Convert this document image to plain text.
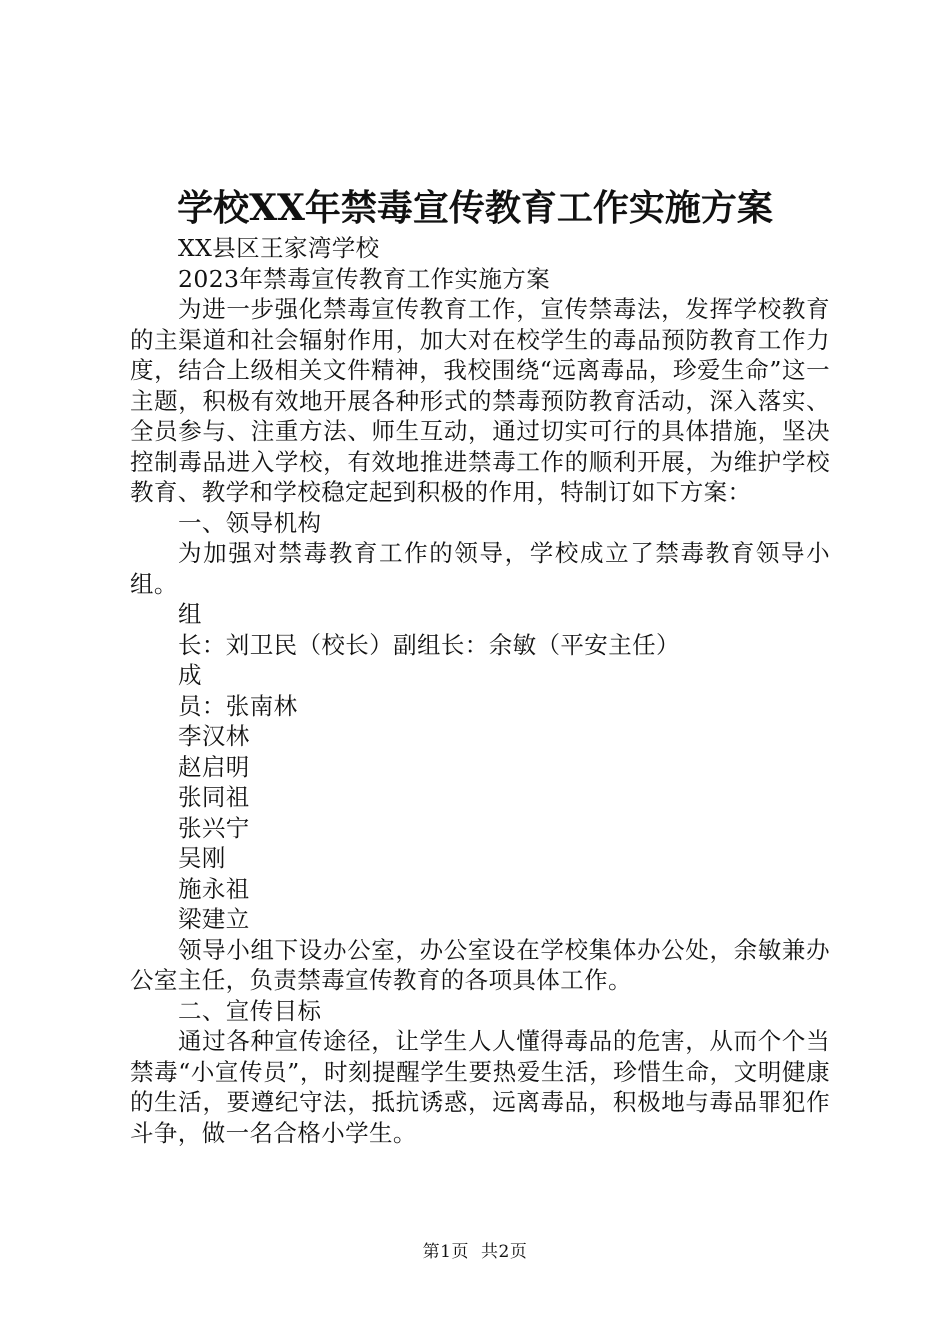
学校XX年禁毒宣传教育工作实施方案

XX县区王家湾学校

2023年禁毒宣传教育工作实施方案

为进一步强化禁毒宣传教育工作，宣传禁毒法，发挥学校教育的主渠道和社会辐射作用，加大对在校学生的毒品预防教育工作力度，结合上级相关文件精神，我校围绕“远离毒品，珍爱生命”这一主题，积极有效地开展各种形式的禁毒预防教育活动，深入落实、全员参与、注重方法、师生互动，通过切实可行的具体措施，坚决控制毒品进入学校，有效地推进禁毒工作的顺利开展，为维护学校教育、教学和学校稳定起到积极的作用，特制订如下方案：

一、领导机构

为加强对禁毒教育工作的领导，学校成立了禁毒教育领导小组。

组

长：刘卫民（校长）副组长：余敏（平安主任）

成

员：张南林

李汉林

赵启明

张同祖

张兴宁

吴刚

施永祖

梁建立

领导小组下设办公室，办公室设在学校集体办公处，余敏兼办公室主任，负责禁毒宣传教育的各项具体工作。

二、宣传目标

通过各种宣传途径，让学生人人懂得毒品的危害，从而个个当禁毒“小宣传员”，时刻提醒学生要热爱生活，珍惜生命，文明健康的生活，要遵纪守法，抵抗诱惑，远离毒品，积极地与毒品罪犯作斗争，做一名合格小学生。

第1页 共2页
